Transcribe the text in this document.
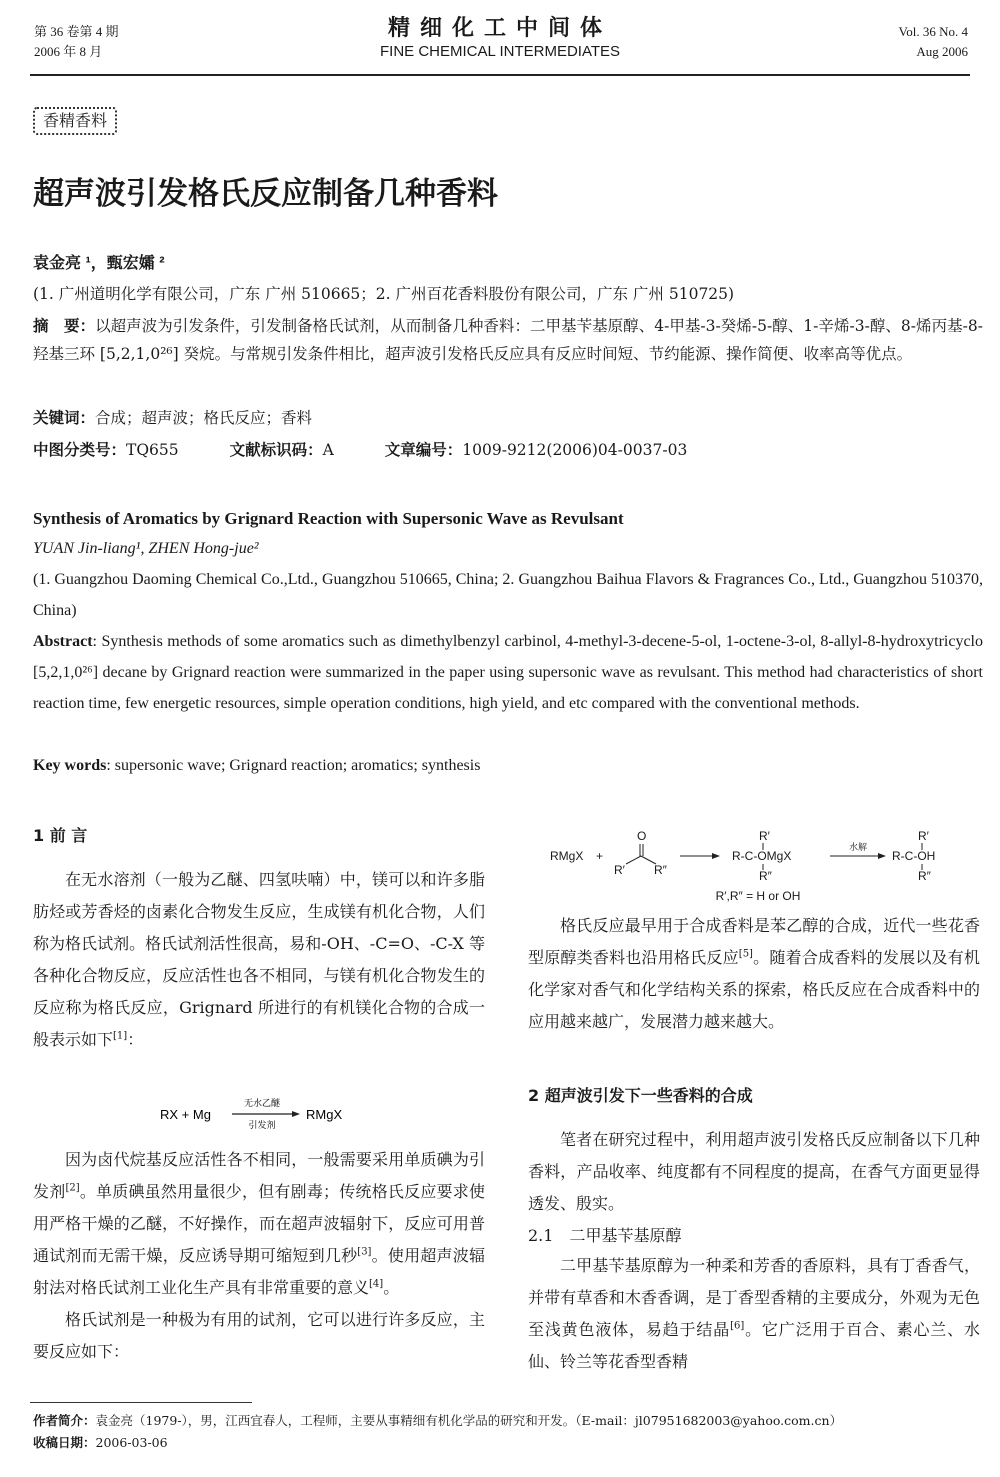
第 36 卷第 4 期
2006 年 8 月
精细化工中间体
FINE CHEMICAL INTERMEDIATES
Vol. 36 No. 4
Aug 2006
香精香料
超声波引发格氏反应制备几种香料
袁金亮 ¹，甄宏孀 ²
(1. 广州道明化学有限公司，广东 广州 510665；2. 广州百花香料股份有限公司，广东 广州 510725)
摘　要：以超声波为引发条件，引发制备格氏试剂，从而制备几种香料：二甲基苄基原醇、4-甲基-3-癸烯-5-醇、1-辛烯-3-醇、8-烯丙基-8-羟基三环 [5,2,1,0²⁶] 癸烷。与常规引发条件相比，超声波引发格氏反应具有反应时间短、节约能源、操作简便、收率高等优点。
关键词：合成；超声波；格氏反应；香料
中图分类号：TQ655	文献标识码：A	文章编号：1009-9212(2006)04-0037-03
Synthesis of Aromatics by Grignard Reaction with Supersonic Wave as Revulsant
YUAN Jin-liang¹, ZHEN Hong-jue²
(1. Guangzhou Daoming Chemical Co.,Ltd., Guangzhou 510665, China; 2. Guangzhou Baihua Flavors & Fragrances Co., Ltd., Guangzhou 510370, China)
Abstract: Synthesis methods of some aromatics such as dimethylbenzyl carbinol, 4-methyl-3-decene-5-ol, 1-octene-3-ol, 8-allyl-8-hydroxytricyclo [5,2,1,0²⁶] decane by Grignard reaction were summarized in the paper using supersonic wave as revulsant. This method had characteristics of short reaction time, few energetic resources, simple operation conditions, high yield, and etc compared with the conventional methods.
Key words: supersonic wave; Grignard reaction; aromatics; synthesis

1 前 言

在无水溶剂（一般为乙醚、四氢呋喃）中，镁可以和许多脂肪烃或芳香烃的卤素化合物发生反应，生成镁有机化合物，人们称为格氏试剂。格氏试剂活性很高，易和-OH、-C=O、-C-X 等各种化合物反应，反应活性也各不相同，与镁有机化合物发生的反应称为格氏反应，Grignard 所进行的有机镁化合物的合成一般表示如下[1]：

RX + Mg
无水乙醚
引发剂
RMgX

因为卤代烷基反应活性各不相同，一般需要采用单质碘为引发剂[2]。单质碘虽然用量很少，但有剧毒；传统格氏反应要求使用严格干燥的乙醚，不好操作，而在超声波辐射下，反应可用普通试剂而无需干燥，反应诱导期可缩短到几秒[3]。使用超声波辐射法对格氏试剂工业化生产具有非常重要的意义[4]。

格氏试剂是一种极为有用的试剂，它可以进行许多反应，主要反应如下：

RMgX +
O
R′ R″
R′
R-C-OMgX
R″
水解
R′
R-C-OH
R″
R′,R″ = H or OH

格氏反应最早用于合成香料是苯乙醇的合成，近代一些花香型原醇类香料也沿用格氏反应[5]。随着合成香料的发展以及有机化学家对香气和化学结构关系的探索，格氏反应在合成香料中的应用越来越广，发展潜力越来越大。

2 超声波引发下一些香料的合成

笔者在研究过程中，利用超声波引发格氏反应制备以下几种香料，产品收率、纯度都有不同程度的提高，在香气方面更显得透发、殷实。

2.1　二甲基苄基原醇

二甲基苄基原醇为一种柔和芳香的香原料，具有丁香香气，并带有草香和木香香调，是丁香型香精的主要成分，外观为无色至浅黄色液体，易趋于结晶[6]。它广泛用于百合、素心兰、水仙、铃兰等花香型香精

作者简介：袁金亮（1979-），男，江西宜春人，工程师，主要从事精细有机化学品的研究和开发。（E-mail：jl07951682003@yahoo.com.cn）
收稿日期：2006-03-06
